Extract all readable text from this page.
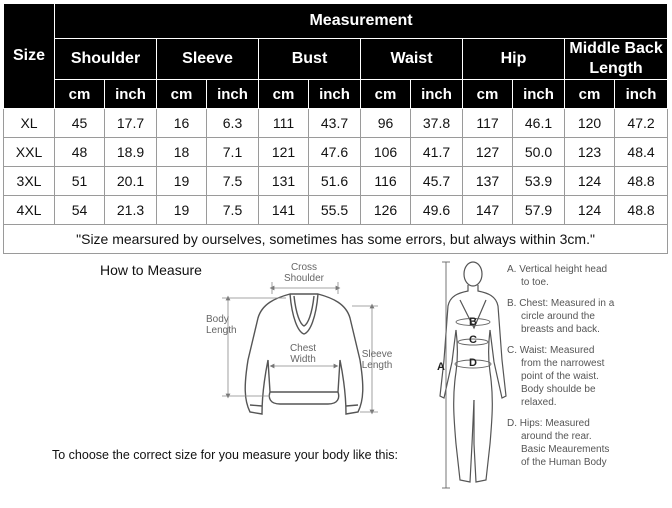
Size	Measurement											
	Shoulder		Sleeve		Bust		Waist		Hip		Middle Back Length	
	cm	inch	cm	inch	cm	inch	cm	inch	cm	inch	cm	inch
XL	45	17.7	16	6.3	111	43.7	96	37.8	117	46.1	120	47.2
XXL	48	18.9	18	7.1	121	47.6	106	41.7	127	50.0	123	48.4
3XL	51	20.1	19	7.5	131	51.6	116	45.7	137	53.9	124	48.8
4XL	54	21.3	19	7.5	141	55.5	126	49.6	147	57.9	124	48.8
"Size mearsured by ourselves, sometimes has some errors, but always within 3cm."												
How to Measure
To choose the correct size for you measure your body like this:
Cross
Shoulder
Body
Length
Chest
Width	Sleeve
Length	A
B
C
D
A. Vertical height head
to toe.
B. Chest: Measured in a
circle around the
breasts and back.
C. Waist: Measured
from the narrowest
point of the waist.
Body shoulde be
relaxed.
D. Hips: Measured
around the rear.
Basic Meaurements
of the Human Body
